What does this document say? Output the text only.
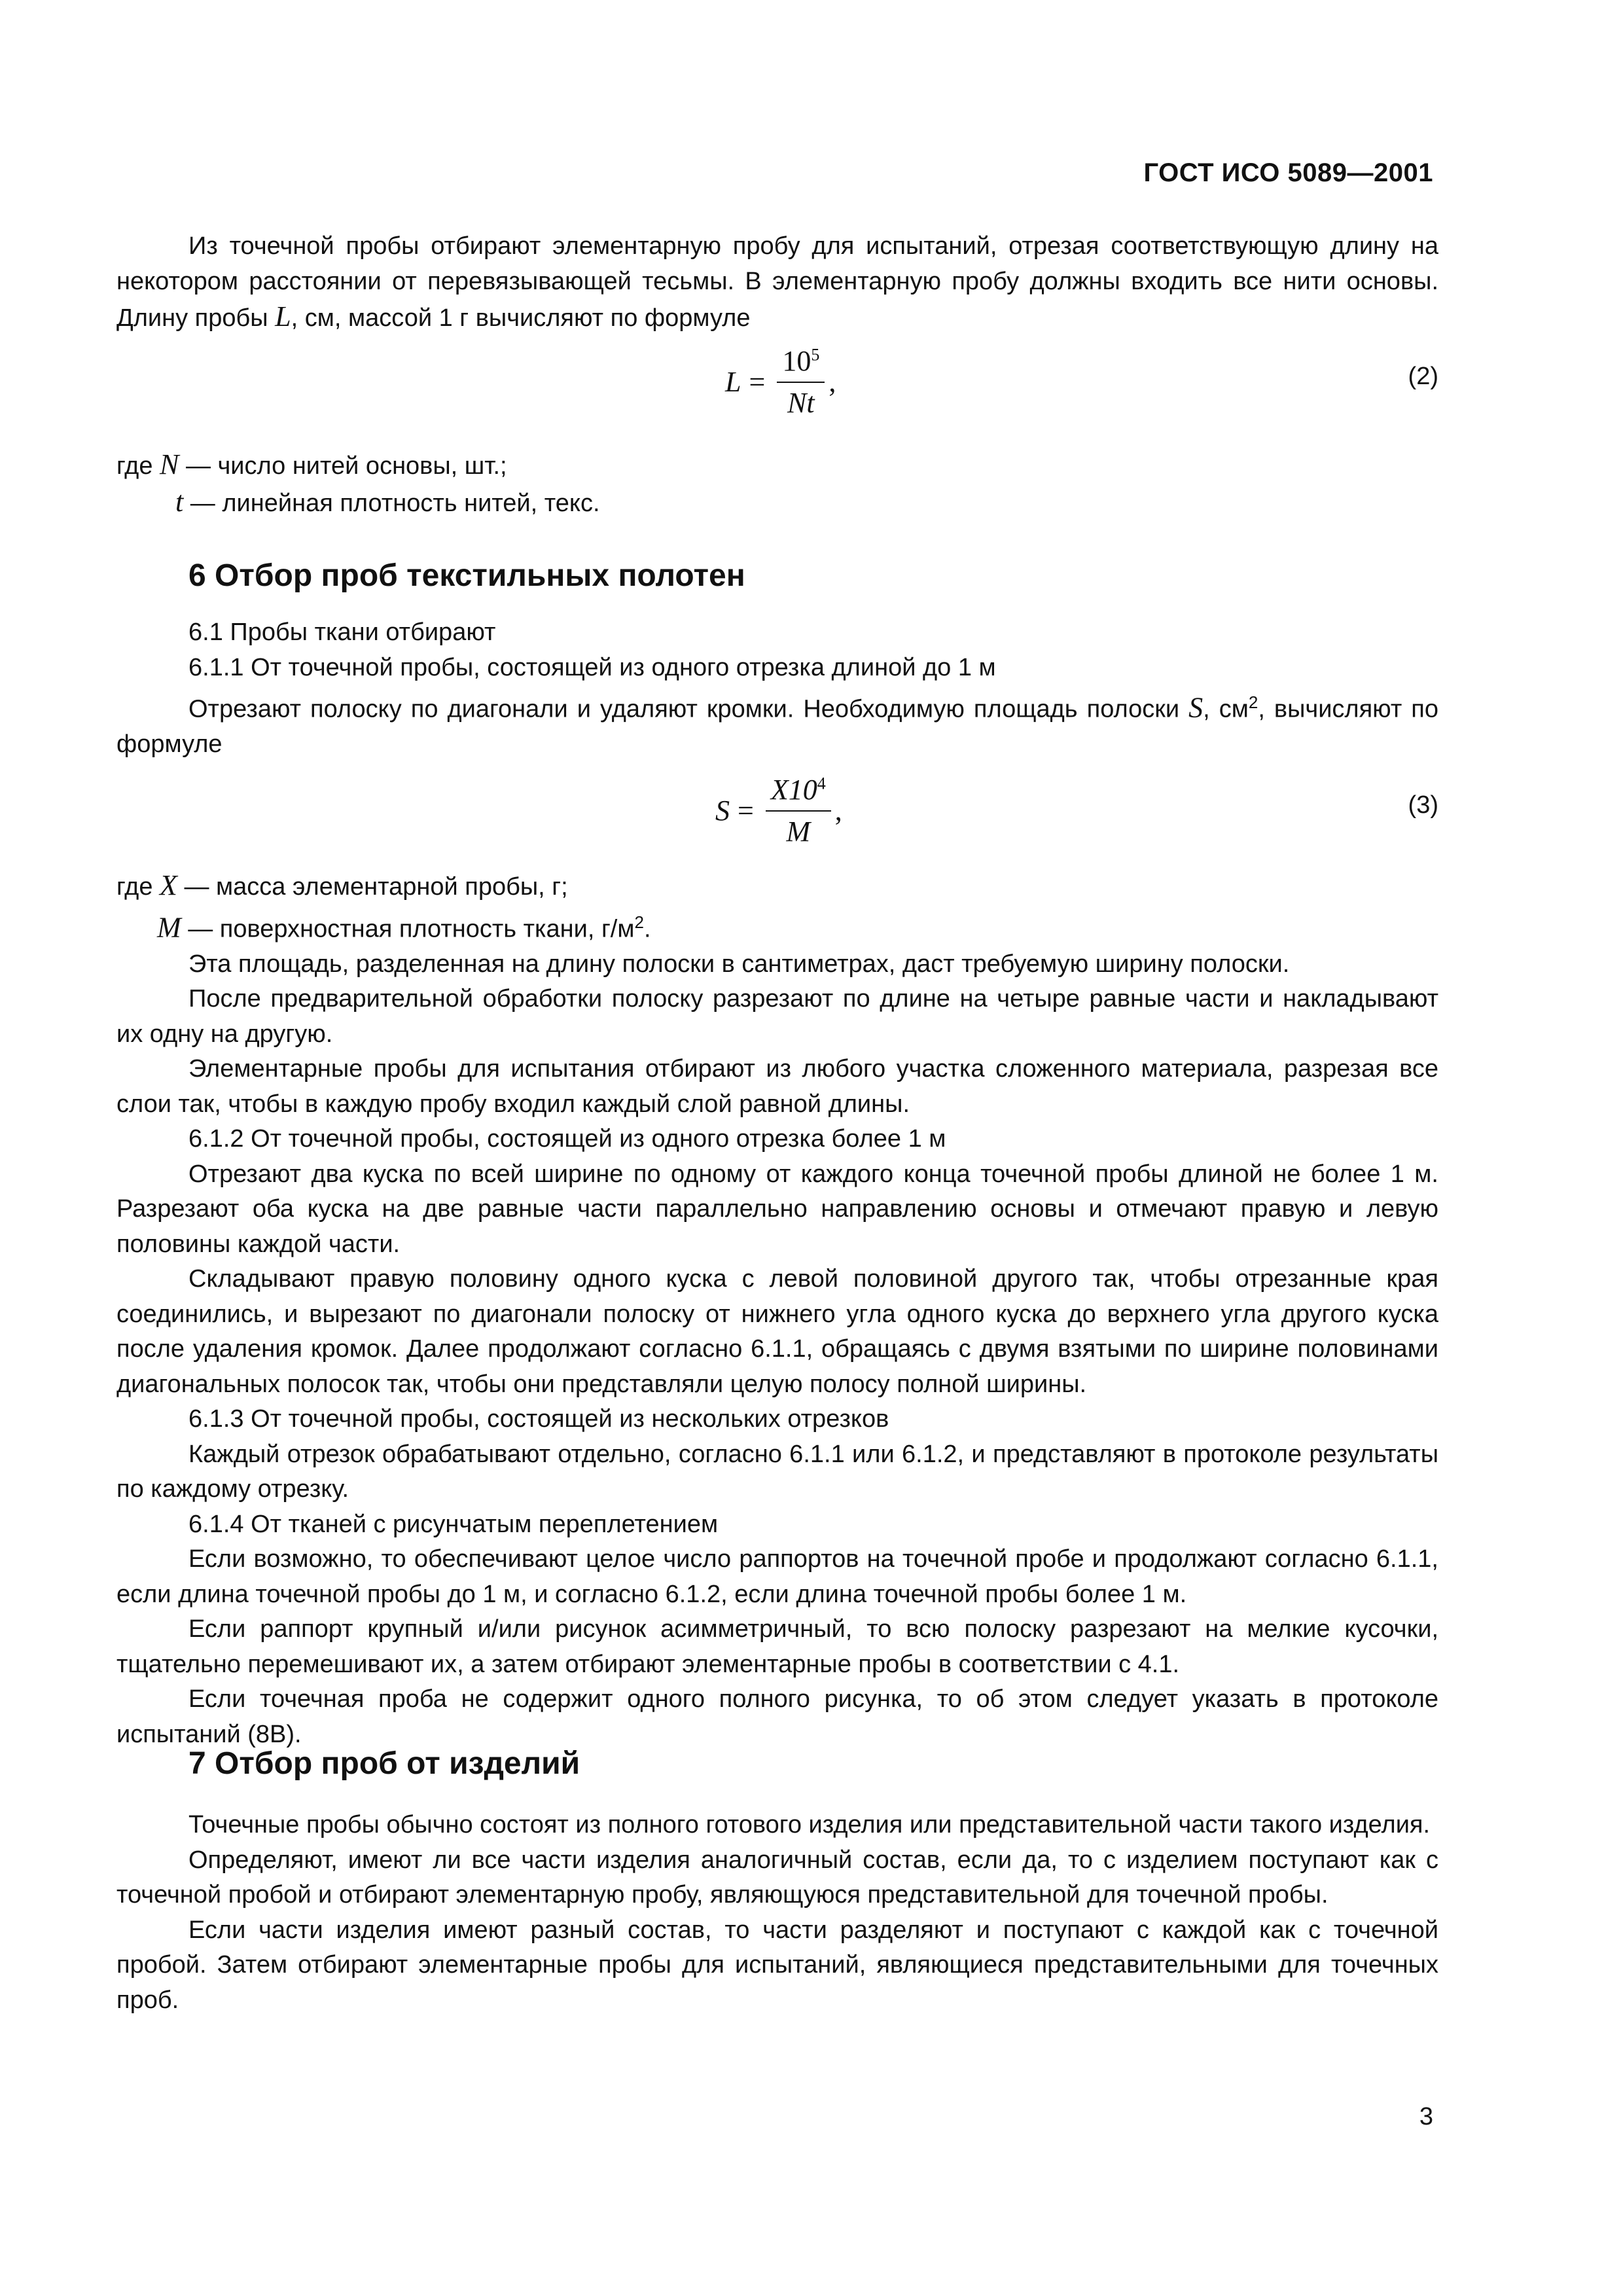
ГОСТ ИСО 5089—2001

Из точечной пробы отбирают элементарную пробу для испытаний, отрезая соответствующую длину на некотором расстоянии от перевязывающей тесьмы. В элементарную пробу должны входить все нити основы. Длину пробы L, см, массой 1 г вычисляют по формуле

$L = \frac{10^5}{Nt}$ ,	(2)

где N — число нитей основы, шт.;

t — линейная плотность нитей, текс.

6 Отбор проб текстильных полотен

6.1 Пробы ткани отбирают

6.1.1 От точечной пробы, состоящей из одного отрезка длиной до 1 м

Отрезают полоску по диагонали и удаляют кромки. Необходимую площадь полоски S, $см^2$, вычисляют по формуле

$S = \frac{X10^4}{M}$ ,	(3)

где X — масса элементарной пробы, г;

M — поверхностная плотность ткани, $г/м^2$.

Эта площадь, разделенная на длину полоски в сантиметрах, даст требуемую ширину полоски.

После предварительной обработки полоску разрезают по длине на четыре равные части и накладывают их одну на другую.

Элементарные пробы для испытания отбирают из любого участка сложенного материала, разрезая все слои так, чтобы в каждую пробу входил каждый слой равной длины.

6.1.2 От точечной пробы, состоящей из одного отрезка более 1 м

Отрезают два куска по всей ширине по одному от каждого конца точечной пробы длиной не более 1 м. Разрезают оба куска на две равные части параллельно направлению основы и отмечают правую и левую половины каждой части.

Складывают правую половину одного куска с левой половиной другого так, чтобы отрезанные края соединились, и вырезают по диагонали полоску от нижнего угла одного куска до верхнего угла другого куска после удаления кромок. Далее продолжают согласно 6.1.1, обращаясь с двумя взятыми по ширине половинами диагональных полосок так, чтобы они представляли целую полосу полной ширины.

6.1.3 От точечной пробы, состоящей из нескольких отрезков

Каждый отрезок обрабатывают отдельно, согласно 6.1.1 или 6.1.2, и представляют в протоколе результаты по каждому отрезку.

6.1.4 От тканей с рисунчатым переплетением

Если возможно, то обеспечивают целое число раппортов на точечной пробе и продолжают согласно 6.1.1, если длина точечной пробы до 1 м, и согласно 6.1.2, если длина точечной пробы более 1 м.

Если раппорт крупный и/или рисунок асимметричный, то всю полоску разрезают на мелкие кусочки, тщательно перемешивают их, а затем отбирают элементарные пробы в соответствии с 4.1.

Если точечная проба не содержит одного полного рисунка, то об этом следует указать в протоколе испытаний (8В).

7 Отбор проб от изделий

Точечные пробы обычно состоят из полного готового изделия или представительной части такого изделия.

Определяют, имеют ли все части изделия аналогичный состав, если да, то с изделием поступают как с точечной пробой и отбирают элементарную пробу, являющуюся представительной для точечной пробы.

Если части изделия имеют разный состав, то части разделяют и поступают с каждой как с точечной пробой. Затем отбирают элементарные пробы для испытаний, являющиеся представительными для точечных проб.

3
